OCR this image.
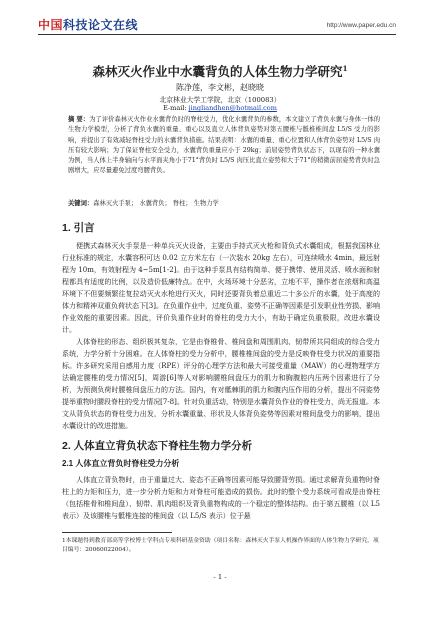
中国科技论文在线	http://www.paper.edu.cn
森林灭火作业中水囊背负的人体生物力学研究$^1$
陈净莲，李文彬，赵晓晓
北京林业大学工学院，北京（100083）
E-mail: jingliandhen@hotmail.com
摘 要：为了评价森林灭火作业水囊背负时的脊柱受力，优化水囊背负的参数，本文建立了背负水囊与身体一体的生物力学模型，分析了背负水囊的重量、重心以及直立人体背负姿势对第五腰椎与骶椎椎间盘 L5/S 受力的影响，并提出了有效减轻脊柱受力的水囊背负措施。结果表明：水囊的重量、重心位置和人体背负姿势对 L5/S 肉压有较大影响；为了保证脊柱安全受力，水囊背负重量应小于 29kg；前屈姿势背负状态下，以现有的一种水囊为例，当人体上半身轴向与水平面夹角小于71°背负时 L5/S 肉压比直立姿势和大于71°的稍微前屈姿势背负时急剧增大，应尽量避免过度弯腰背负。
关键词：森林灭火手泵； 水囊背负； 脊柱； 生物力学
1. 引言
便携式森林灭火手泵是一种单兵灭火设备，主要由手持式灭火枪和背负式水囊组成，根据我国林业行业标准的规定，水囊容积可达 0.02 立方米左右（一次装水 20kg 左右），可连续喷水 4min，最远射程为 10m，有效射程为 4~5m[1-2]。由于这种手泵具有结构简单、便于携带、使用灵活、喷水面和射程都具有适度的比例，以及造价低廉特点。在中，火场环境十分恶劣，立地不平，操作者在浓烟和高温环境下不但要频繁往复拉动灭火水枪进行灭火，同时还要背负着总重近二十多公斤的水囊，处于高度的体力和精神双重负荷状态下[3]。在负重作业中，过度负重、姿势不正确等因素是引发职业性劳损、影响作业效能的重要因素。因此，评价负重作业时的脊柱的受力大小，有助于确定负重极限，改进水囊设计。
人体脊柱的形态、组织极其复杂，它是由脊椎骨、椎间盘和周围肌肉、韧带所共同组成的综合受力系统，力学分析十分困难。在人体脊柱的受力分析中，腰椎椎间盘的受力是反映脊柱受力状况的重要指标。许多研究采用自感用力度（RPE）评分的心理学方法和最大可接受重量（MAW）的心理物理学方法确定腰椎的受力情况[5]，周游[6]等人对影响腰椎间盘压力的肌力和胸腹腔内压两个因素进行了分析，为预测负荷时腰椎间盘压力的方法。国内，有对骶棘肌的肌力和腹内压作用的分析，提出不同姿势提举重物时腰段脊柱的受力情况[7-8]。针对负重活动，特别是水囊背负作业的脊柱受力，尚无报道。本文从背负状态的脊柱受力出发，分析水囊重量、形状及人体背负姿势等因素对椎间盘受力的影响，提出水囊设计的改进措施。
2. 人体直立背负状态下脊柱生物力学分析
2.1 人体直立背负时脊柱受力分析
人体直立背负物时，由于重量过大、姿态不正确等因素可能导致腰背劳损。通过求解背负重物时脊柱上的力矩和压力，进一步分析力矩和力对脊柱可能造成的损伤。此时的整个受力系统可看成是由脊柱（包括椎骨和椎间盘）、韧带、肌肉组织及背负重物构成的一个稳定的整体结构。由于第五腰椎（以 L5 表示）及该腰椎与骶椎连接的椎间盘（以 L5/S 表示）位于悬
1本课题得到教育部高等学校博士学科点专项科研基金资助（项目名称：森林灭火手泵人机操作界面的人体生物力学研究，项目编号：20060022004）。
- 1 -
